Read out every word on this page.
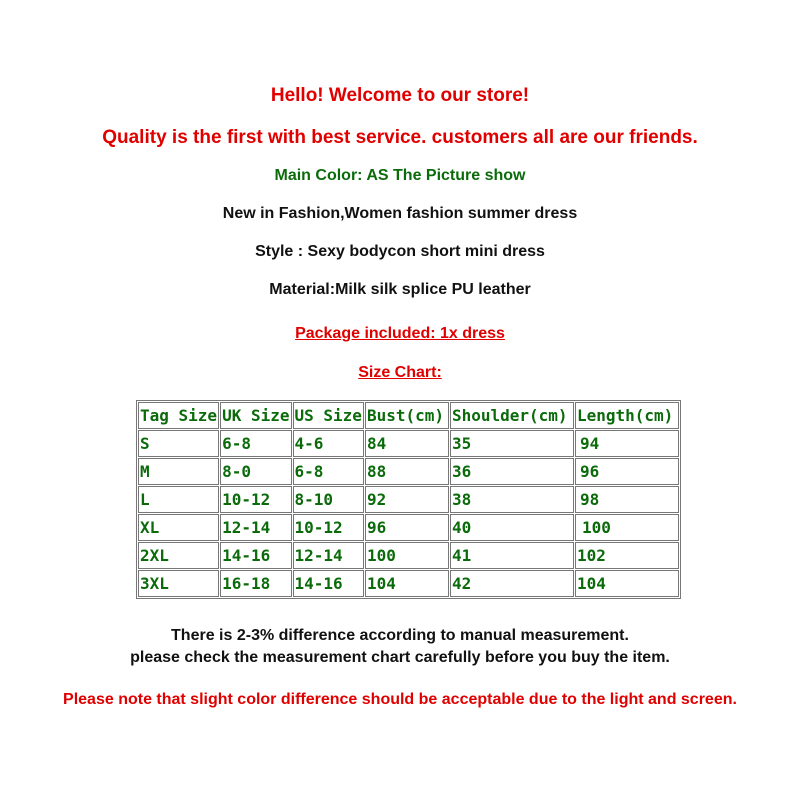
Hello! Welcome to our store!
Quality is the first with best service. customers all are our friends.
Main Color: AS The Picture show
New in Fashion,Women fashion summer dress
Style : Sexy bodycon short mini dress
Material:Milk silk splice PU leather
Package included: 1x dress
Size Chart:
Tag Size	UK Size	US Size	Bust(cm)	Shoulder(cm)	Length(cm)
S	6-8	4-6	84	35	94
M	8-0	6-8	88	36	96
L	10-12	8-10	92	38	98
XL	12-14	10-12	96	40	100
2XL	14-16	12-14	100	41	102
3XL	16-18	14-16	104	42	104
There is 2-3% difference according to manual measurement.
please check the measurement chart carefully before you buy the item.
Please note that slight color difference should be acceptable due to the light and screen.
